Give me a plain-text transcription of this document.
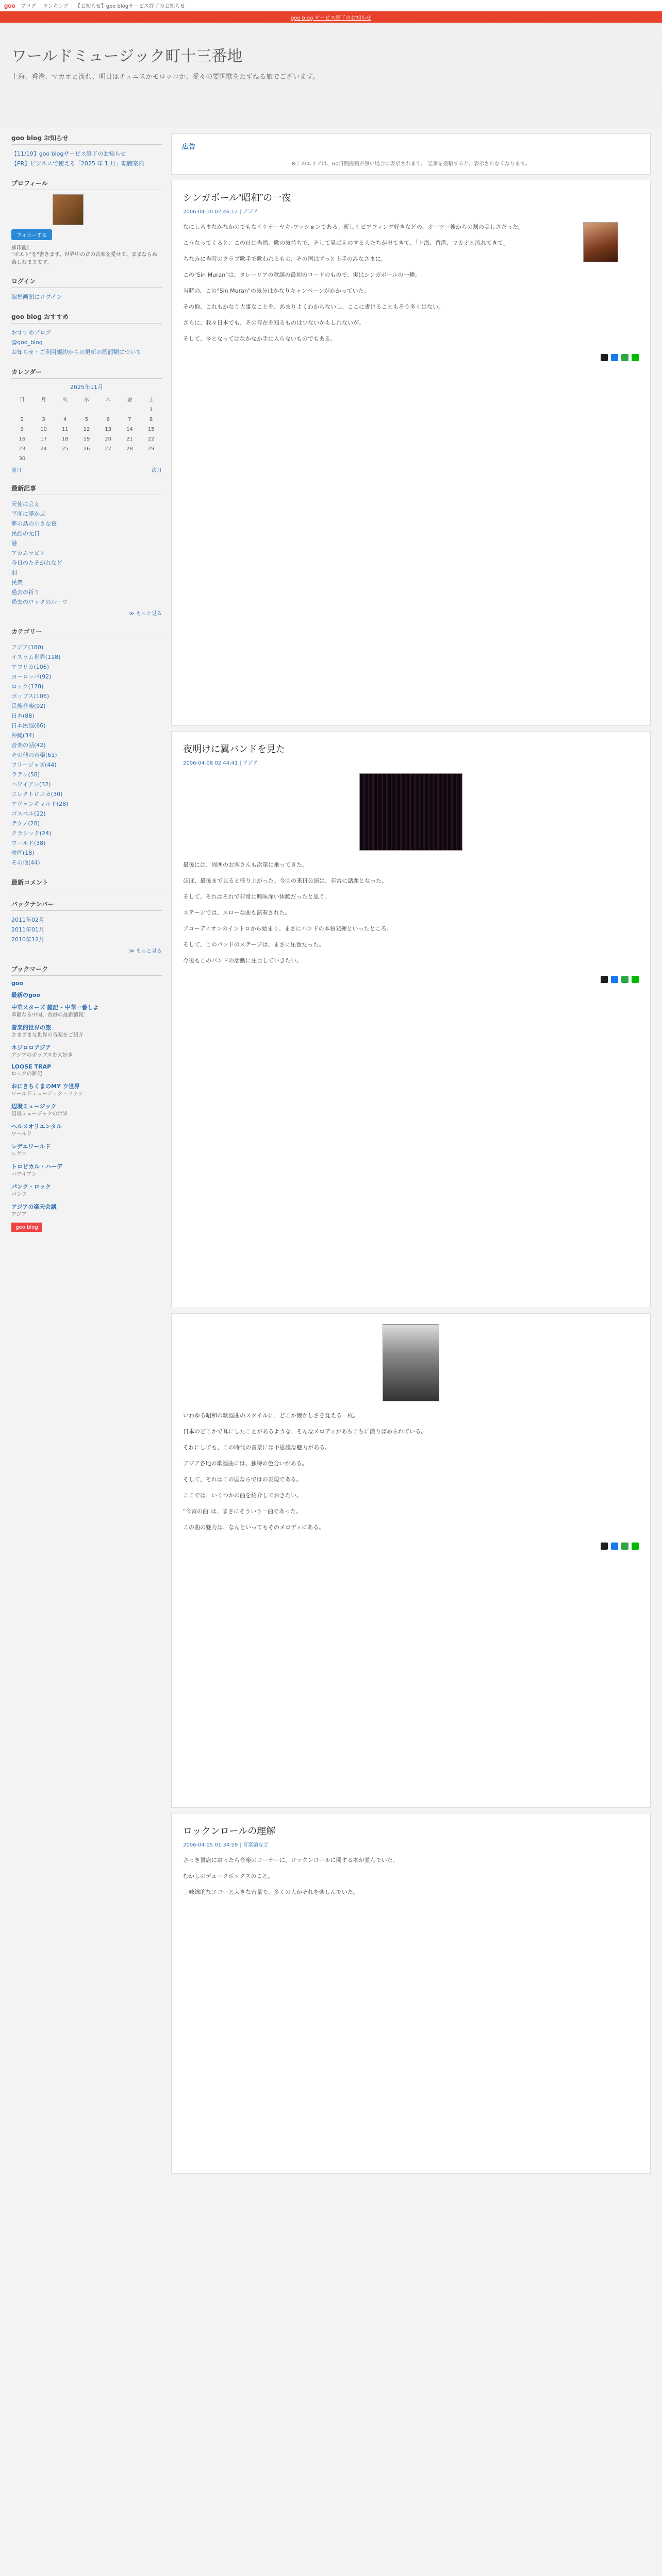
goo ブログ ランキング 【お知らせ】goo blogサービス終了のお知らせ
goo blog サービス終了のお知らせ
ワールドミュージック町十三番地

上海、香港、マカオと流れ、明日はチュニスかモロッコか、愛々の要国歌をたずねる旅でございます。

goo blog お知らせ
【11/19】goo blogサービス終了のお知らせ
【PR】ビジネスで使える「2025 年 1 月」転職案内
プロフィール
フォローする
羅印龍仁
"ポエト"を"書きます。世界中の音の音楽を愛せて、ままならぬ楽しむままです。
ログイン
編集画面にログイン
goo blog おすすめ
おすすめブログ
@goo_blog
お知らせ・ご利用規約からの更新の画面類について
カレンダー
2025年11月
日	月	火	水	木	金	土
						1
2	3	4	5	6	7	8
9	10	11	12	13	14	15
16	17	18	19	20	21	22
23	24	25	26	27	28	29
30						
前月	次月
最新記事
天使に会え
平面に浮かぶ
夢の島の小さな夜
民謡の元日
港
アカムラビケ
今日のたそがれなど
羽
民衆
過去の祈り
過去のロックのルーツ
≫ もっと見る
カテゴリー
アジア(180)
イスラム世界(118)
アフリカ(106)
ヨーロッパ(92)
ロック(178)
ポップス(106)
民族音楽(92)
日本(88)
日本民謡(66)
沖縄(34)
音楽の話(42)
その他の音楽(61)
フリージャズ(44)
ラテン(58)
ハワイアン(32)
エレクトロニカ(30)
アヴァンギャルド(28)
ゴスペル(22)
テクノ(28)
クラシック(24)
ワールド(38)
映画(18)
その他(44)
最新コメント
バックナンバー
2011年02月
2011年01月
2010年12月
≫ もっと見る
ブックマーク
goo
最新のgoo
中華スターズ 雑記 - 中華一番しよ

華麗なる中国、香港の最新情報！

音楽的世界の旅

さまざまな世界の音楽をご紹介

ネジロロアジア

アジアのポップスを大好き

LOOSE TRAP

ロックの雑記

おにきちくまのMY ウ世界

ワールドミュージック・ファン

辺境ミュージック

辺境ミュージックの世界

ヘルスオリエンタル

ワールド

レゲエワールド

レゲエ

トロピカル・ハーデ

ハワイアン

パンク・ロック

パンク

アジアの楽天会議

アジア

goo blog
広告
※このエリアは、60日間投稿が無い場合に表示されます。 記事を投稿すると、表示されなくなります。
シンガポール“昭和”の一夜
2006-04-10 02:46:12 | アジア

なにしろまなかなかのでもなくケナーヤキ-ワッションである。新しくピアフィング好きなどの、オーツー後からの割の美しさだった。

こうなってくると、この日は当然、歌の気持ちで、そして見ばえのする人たちが出てきて、「上海、香港、マカオと流れてきて」

ちなみに当時のクラブ歌手で歌われるもの、その国はずっと上手のみなさまに。

この"Sin Muran"は、タレーリアの歌謡の最初のコードのもので、実はシンガポールの一種。

当時の、この"Sin Muran"の気分はかなりキャンペーンがかかっていた。

その他、これもかなり大事なことを、あまりよくわからないし、ここに書けることもそう多くはない。

さらに、我々日本でも、その存在を知るものは少ないかもしれないが。

そして、今となってはなかなか手に入らないものでもある。

夜明けに翼バンドを見た
2006-04-08 02:44:41 | アジア

最後には、周囲のお客さんも次第に乗ってきた。

ほぼ、最後まで見ると盛り上がった。今回の来日公演は、非常に話題となった。

そして、それはそれで非常に興味深い体験だったと思う。

ステージでは、スローな曲も演奏された。

アコーディオンのイントロから始まり、まさにバンドの本領発揮といったところ。

そして、このバンドのステージは、まさに圧巻だった。

今後もこのバンドの活動に注目していきたい。

いわゆる昭和の歌謡曲のスタイルに、どこか懐かしさを覚える一枚。

日本のどこかで耳にしたことがあるような、そんなメロディがあちこちに散りばめられている。

それにしても、この時代の音楽には不思議な魅力がある。

アジア各地の歌謡曲には、独特の色合いがある。

そして、それはこの国ならではの表現である。

ここでは、いくつかの曲を紹介しておきたい。

"今宵の曲"は、まさにそういう一曲であった。

この曲の魅力は、なんといってもそのメロディにある。

ロックンロールの理解
2006-04-05 01:34:59 | 音楽論など

さっき書店に寄ったら音楽のコーナーに、ロックンロールに関する本が並んでいた。

むかしのデュークボックスのこと。

三味線的なエコーと大きな音量で、多くの人がそれを楽しんでいた。
